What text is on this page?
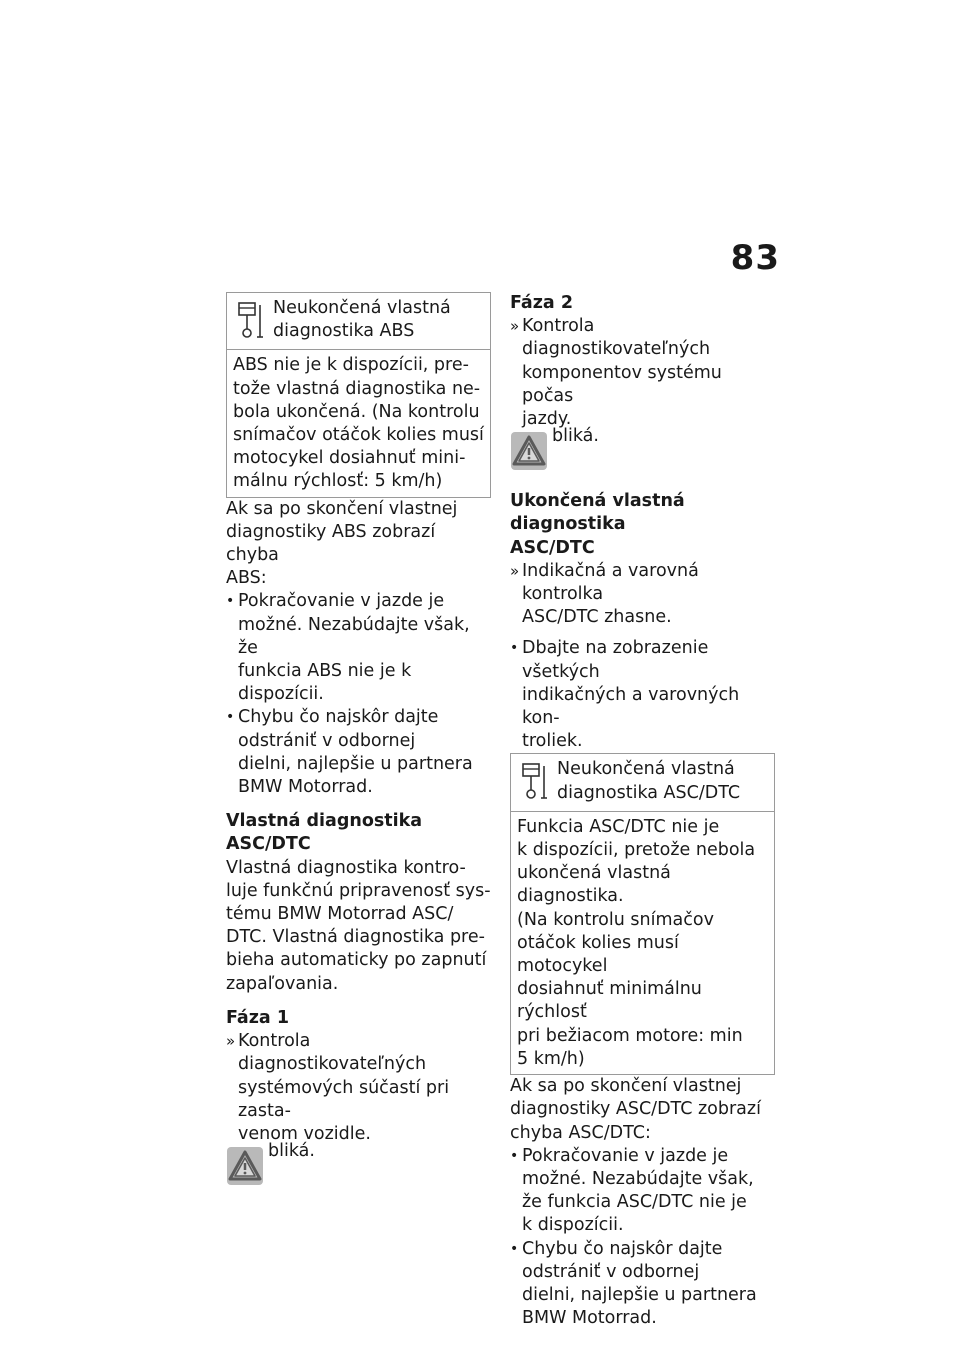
83

Neukončená vlastná

diagnostika ABS

ABS nie je k dispozícii, pre-

tože vlastná diagnostika ne-

bola ukončená. (Na kontrolu

snímačov otáčok kolies musí

motocykel dosiahnuť mini-

málnu rýchlosť: 5 km/h)

Ak sa po skončení vlastnej

diagnostiky ABS zobrazí chyba

ABS:

• Pokračovanie v jazde je

možné. Nezabúdajte však, že

funkcia ABS nie je k dispozícii.

• Chybu čo najskôr dajte

odstrániť v odbornej

dielni, najlepšie u partnera

BMW Motorrad.

Vlastná diagnostika ASC/DTC

Vlastná diagnostika kontro-

luje funkčnú pripravenosť sys-

tému BMW Motorrad ASC/

DTC. Vlastná diagnostika pre-

bieha automaticky po zapnutí

zapaľovania.

Fáza 1

» Kontrola diagnostikovateľných

systémových súčastí pri zasta-

venom vozidle.

bliká.

Fáza 2

» Kontrola diagnostikovateľných

komponentov systému počas

jazdy.

bliká.

Ukončená vlastná diagnostika

ASC/DTC

» Indikačná a varovná kontrolka

ASC/DTC zhasne.

• Dbajte na zobrazenie všetkých

indikačných a varovných kon-

troliek.

Neukončená vlastná

diagnostika ASC/DTC

Funkcia ASC/DTC nie je

k dispozícii, pretože nebola

ukončená vlastná diagnostika.

(Na kontrolu snímačov

otáčok kolies musí motocykel

dosiahnuť minimálnu rýchlosť

pri bežiacom motore: min

5 km/h)

Ak sa po skončení vlastnej

diagnostiky ASC/DTC zobrazí

chyba ASC/DTC:

• Pokračovanie v jazde je

možné. Nezabúdajte však,

že funkcia ASC/DTC nie je

k dispozícii.

• Chybu čo najskôr dajte

odstrániť v odbornej

dielni, najlepšie u partnera

BMW Motorrad.
